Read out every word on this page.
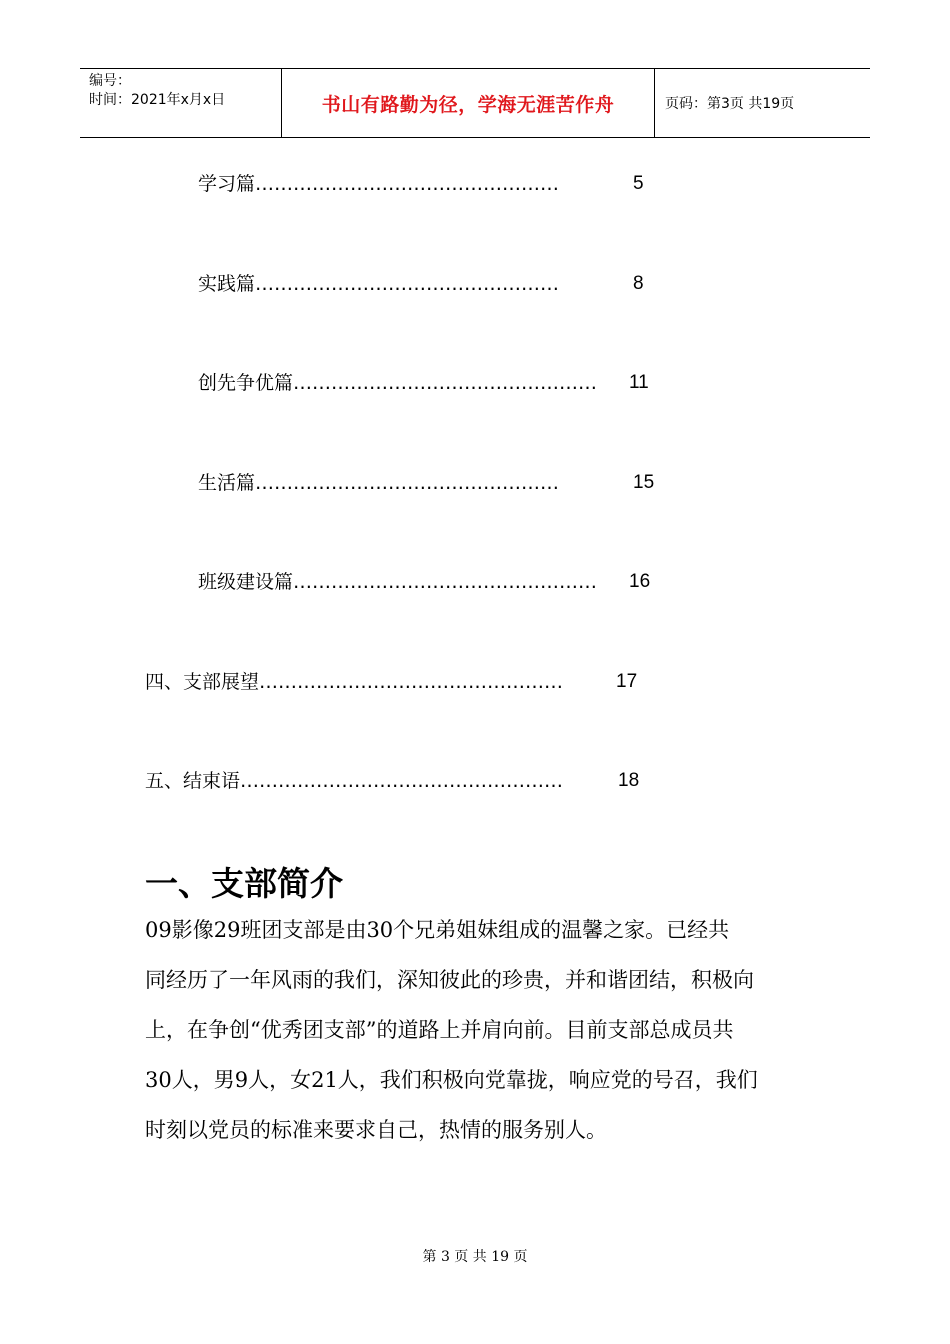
编号：
时间：2021年x月x日	书山有路勤为径，学海无涯苦作舟	页码：第3页 共19页
学习篇 …………………………………………	5
实践篇 …………………………………………	8
创先争优篇 …………………………………………	11
生活篇 …………………………………………	15
班级建设篇 …………………………………………	16
四、支部展望 …………………………………………	17
五、结束语 ……………………………………………	18
一、支部简介
09影像29班团支部是由30个兄弟姐妹组成的温馨之家。已经共
同经历了一年风雨的我们，深知彼此的珍贵，并和谐团结，积极向
上，在争创“优秀团支部”的道路上并肩向前。目前支部总成员共
30人，男9人，女21人，我们积极向党靠拢，响应党的号召，我们
时刻以党员的标准来要求自己，热情的服务别人。
第 3 页 共 19 页
